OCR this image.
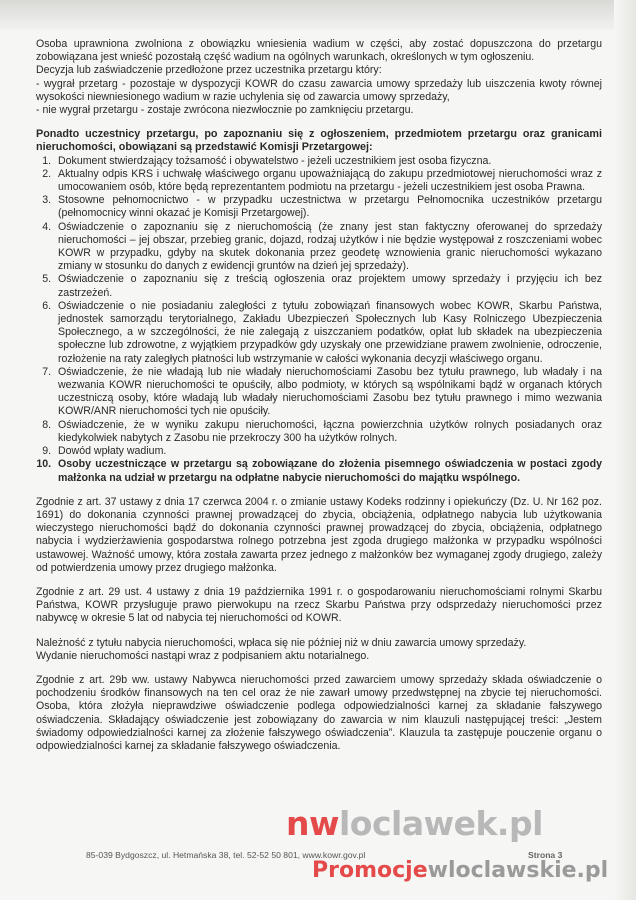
Osoba uprawniona zwolniona z obowiązku wniesienia wadium w części, aby zostać dopuszczona do przetargu zobowiązana jest wnieść pozostałą część wadium na ogólnych warunkach, określonych w tym ogłoszeniu.

Decyzja lub zaświadczenie przedłożone przez uczestnika przetargu który:

- wygrał przetarg - pozostaje w dyspozycji KOWR do czasu zawarcia umowy sprzedaży lub uiszczenia kwoty równej wysokości niewniesionego wadium w razie uchylenia się od zawarcia umowy sprzedaży,

- nie wygrał przetargu - zostaje zwrócona niezwłocznie po zamknięciu przetargu.

Ponadto uczestnicy przetargu, po zapoznaniu się z ogłoszeniem, przedmiotem przetargu oraz granicami nieruchomości, obowiązani są przedstawić Komisji Przetargowej:

1. Dokument stwierdzający tożsamość i obywatelstwo - jeżeli uczestnikiem jest osoba fizyczna.
2. Aktualny odpis KRS i uchwałę właściwego organu upoważniającą do zakupu przedmiotowej nieruchomości wraz z umocowaniem osób, które będą reprezentantem podmiotu na przetargu - jeżeli uczestnikiem jest osoba Prawna.
3. Stosowne pełnomocnictwo - w przypadku uczestnictwa w przetargu Pełnomocnika uczestników przetargu (pełnomocnicy winni okazać je Komisji Przetargowej).
4. Oświadczenie o zapoznaniu się z nieruchomością (że znany jest stan faktyczny oferowanej do sprzedaży nieruchomości – jej obszar, przebieg granic, dojazd, rodzaj użytków i nie będzie występował z roszczeniami wobec KOWR w przypadku, gdyby na skutek dokonania przez geodetę wznowienia granic nieruchomości wykazano zmiany w stosunku do danych z ewidencji gruntów na dzień jej sprzedaży).
5. Oświadczenie o zapoznaniu się z treścią ogłoszenia oraz projektem umowy sprzedaży i przyjęciu ich bez zastrzeżeń.
6. Oświadczenie o nie posiadaniu zaległości z tytułu zobowiązań finansowych wobec KOWR, Skarbu Państwa, jednostek samorządu terytorialnego, Zakładu Ubezpieczeń Społecznych lub Kasy Rolniczego Ubezpieczenia Społecznego, a w szczególności, że nie zalegają z uiszczaniem podatków, opłat lub składek na ubezpieczenia społeczne lub zdrowotne, z wyjątkiem przypadków gdy uzyskały one przewidziane prawem zwolnienie, odroczenie, rozłożenie na raty zaległych płatności lub wstrzymanie w całości wykonania decyzji właściwego organu.
7. Oświadczenie, że nie władają lub nie władały nieruchomościami Zasobu bez tytułu prawnego, lub władały i na wezwania KOWR nieruchomości te opuściły, albo podmioty, w których są wspólnikami bądź w organach których uczestniczą osoby, które władają lub władały nieruchomościami Zasobu bez tytułu prawnego i mimo wezwania KOWR/ANR nieruchomości tych nie opuściły.
8. Oświadczenie, że w wyniku zakupu nieruchomości, łączna powierzchnia użytków rolnych posiadanych oraz kiedykolwiek nabytych z Zasobu nie przekroczy 300 ha użytków rolnych.
9. Dowód wpłaty wadium.
10. Osoby uczestniczące w przetargu są zobowiązane do złożenia pisemnego oświadczenia w postaci zgody małżonka na udział w przetargu na odpłatne nabycie nieruchomości do majątku wspólnego.

Zgodnie z art. 37 ustawy z dnia 17 czerwca 2004 r. o zmianie ustawy Kodeks rodzinny i opiekuńczy (Dz. U. Nr 162 poz. 1691) do dokonania czynności prawnej prowadzącej do zbycia, obciążenia, odpłatnego nabycia lub użytkowania wieczystego nieruchomości bądź do dokonania czynności prawnej prowadzącej do zbycia, obciążenia, odpłatnego nabycia i wydzierżawienia gospodarstwa rolnego potrzebna jest zgoda drugiego małżonka w przypadku wspólności ustawowej. Ważność umowy, która została zawarta przez jednego z małżonków bez wymaganej zgody drugiego, zależy od potwierdzenia umowy przez drugiego małżonka.

Zgodnie z art. 29 ust. 4 ustawy z dnia 19 października 1991 r. o gospodarowaniu nieruchomościami rolnymi Skarbu Państwa, KOWR przysługuje prawo pierwokupu na rzecz Skarbu Państwa przy odsprzedaży nieruchomości przez nabywcę w okresie 5 lat od nabycia tej nieruchomości od KOWR.

Należność z tytułu nabycia nieruchomości, wpłaca się nie później niż w dniu zawarcia umowy sprzedaży.

Wydanie nieruchomości nastąpi wraz z podpisaniem aktu notarialnego.

Zgodnie z art. 29b ww. ustawy Nabywca nieruchomości przed zawarciem umowy sprzedaży składa oświadczenie o pochodzeniu środków finansowych na ten cel oraz że nie zawarł umowy przedwstępnej na zbycie tej nieruchomości. Osoba, która złożyła nieprawdziwe oświadczenie podlega odpowiedzialności karnej za składanie fałszywego oświadczenia. Składający oświadczenie jest zobowiązany do zawarcia w nim klauzuli następującej treści: „Jestem świadomy odpowiedzialności karnej za złożenie fałszywego oświadczenia”. Klauzula ta zastępuje pouczenie organu o odpowiedzialności karnej za składanie fałszywego oświadczenia.

nwloclawek.pl
85-039 Bydgoszcz, ul. Hetmańska 38, tel. 52-52 50 801, www.kowr.gov.pl	Strona 3
Promocjewloclawskie.pl
